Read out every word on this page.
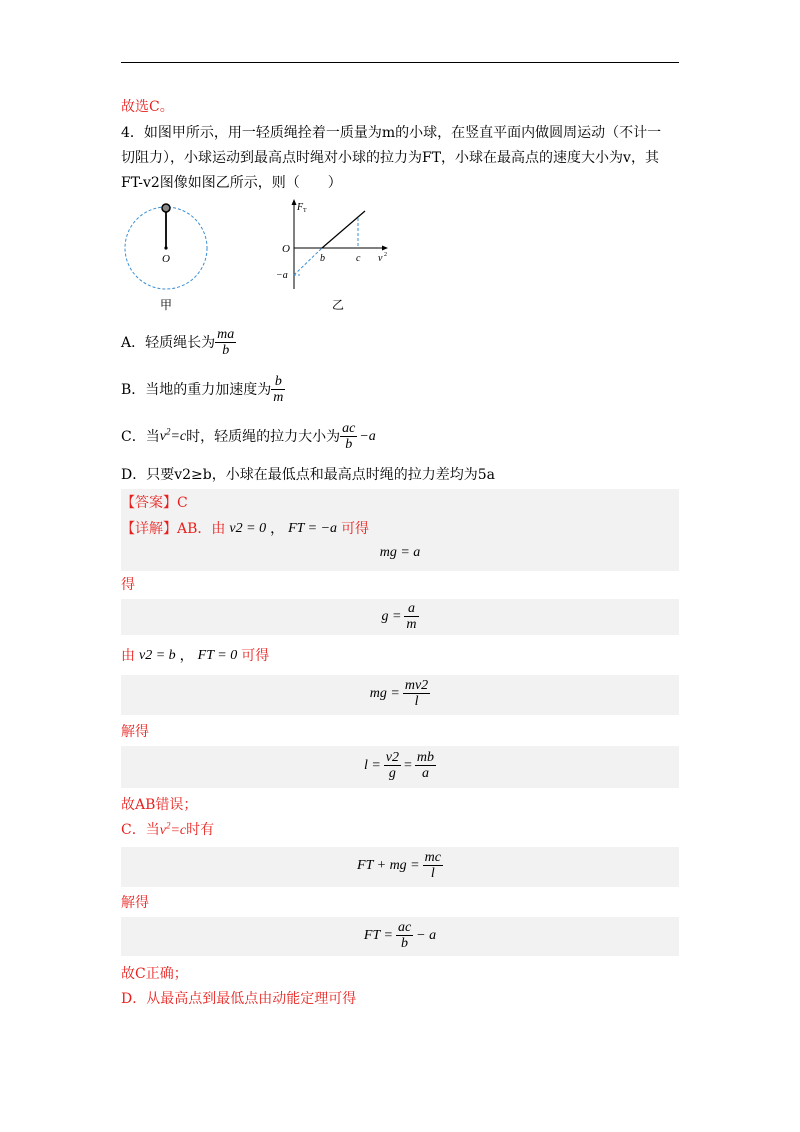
故选C。
4．如图甲所示，用一轻质绳拴着一质量为m的小球，在竖直平面内做圆周运动（不计一
切阻力），小球运动到最高点时绳对小球的拉力为FT，小球在最高点的速度大小为v，其
FT-v2图像如图乙所示，则（　　）
O
甲
F T
O
b	c v 2
−a
乙
A．轻质绳长为 $\frac{ma}{b}$
B．当地的重力加速度为 $\frac{b}{m}$
C．当 $v^2=c$ 时，轻质绳的拉力大小为 $\frac{ac}{b} -a$
D．只要v2≥b，小球在最低点和最高点时绳的拉力差均为5a
【答案】C
【详解】AB．由 v2 = 0 ， FT = −a 可得
mg = a
得
$g = \frac{a}{m}$
由 v2 = b ， FT = 0 可得
mg = $\frac{mv2}{l}$
解得
$l = \frac{v2}{g} = \frac{mb}{a}$
故AB错误；
C．当$v^2=c$时有
FT + mg = $\frac{mc}{l}$
解得
FT = $\frac{ac}{b} - a$
故C正确；
D．从最高点到最低点由动能定理可得
